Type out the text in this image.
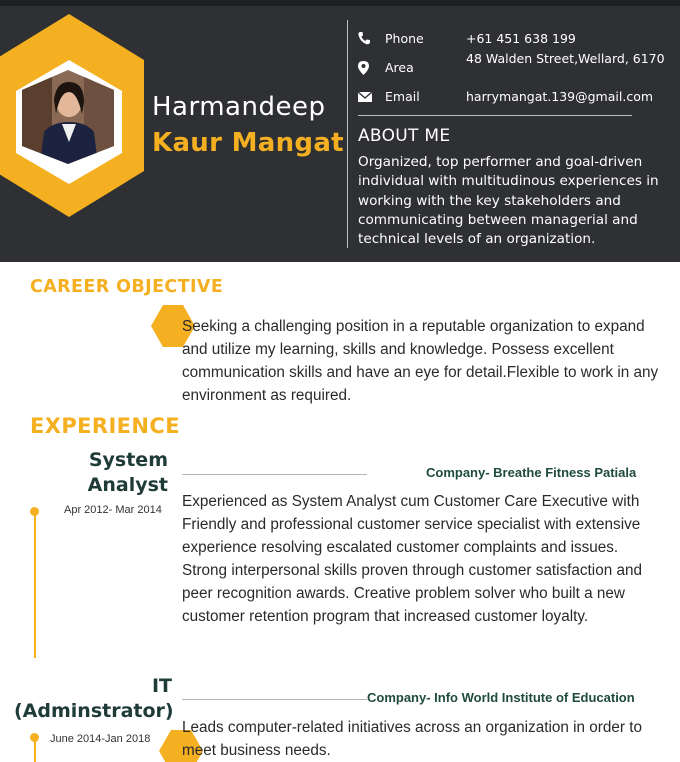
Harmandeep
Kaur Mangat
Phone	+61 451 638 199
Area
48 Walden Street,Wellard, 6170
Email	harrymangat.139@gmail.com
ABOUT ME
Organized, top performer and goal-driven individual with multitudinous experiences in working with the key stakeholders and communicating between managerial and technical levels of an organization.
CAREER OBJECTIVE
Seeking a challenging position in a reputable organization to expand and utilize my learning, skills and knowledge. Possess excellent communication skills and have an eye for detail.Flexible to work in any environment as required.
EXPERIENCE
System Analyst
Apr 2012- Mar 2014
Company- Breathe Fitness Patiala
Experienced as System Analyst cum Customer Care Executive with Friendly and professional customer service specialist with extensive experience resolving escalated customer complaints and issues. Strong interpersonal skills proven through customer satisfaction and peer recognition awards. Creative problem solver who built a new customer retention program that increased customer loyalty.
IT (Adminstrator)
June 2014-Jan 2018
Company- Info World Institute of Education
Leads computer-related initiatives across an organization in order to meet business needs.
